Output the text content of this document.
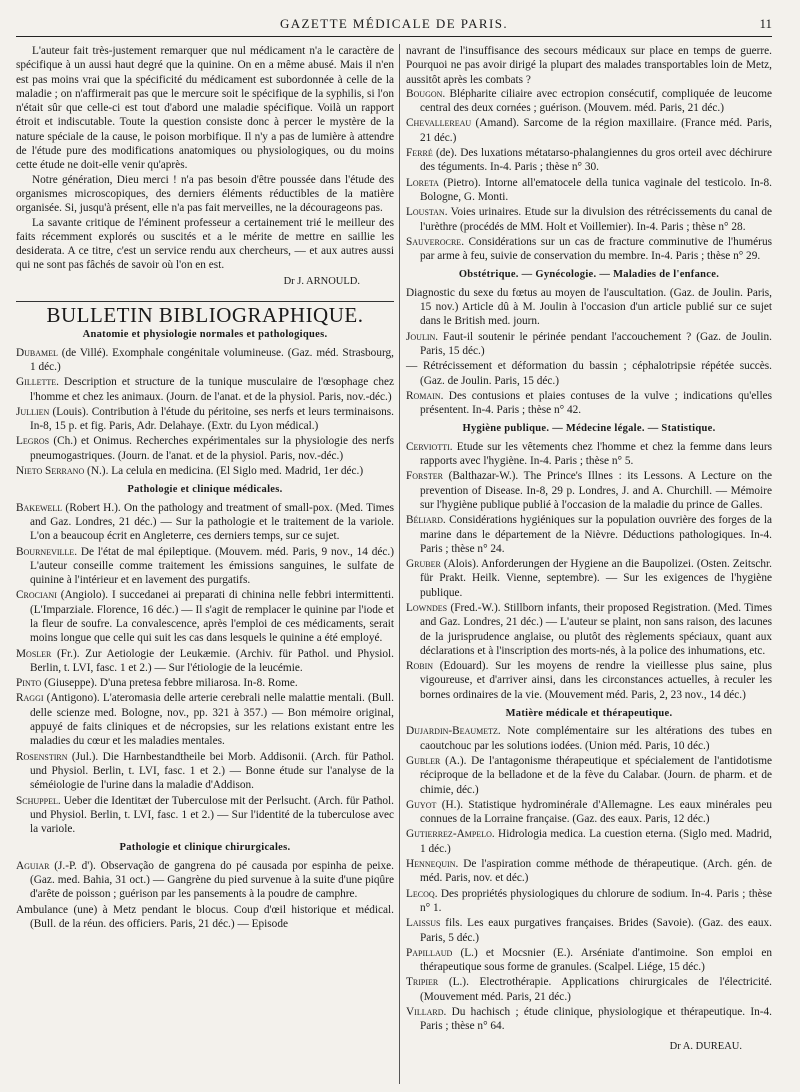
GAZETTE MÉDICALE DE PARIS.	11

L'auteur fait très-justement remarquer que nul médicament n'a le caractère de spécifique à un aussi haut degré que la quinine. On en a même abusé. Mais il n'en est pas moins vrai que la spécificité du médicament est subordonnée à celle de la maladie ; on n'affirmerait pas que le mercure soit le spécifique de la syphilis, si l'on n'était sûr que celle-ci est tout d'abord une maladie spécifique. Voilà un rapport étroit et indiscutable. Toute la question consiste donc à percer le mystère de la nature spéciale de la cause, le poison morbifique. Il n'y a pas de lumière à attendre de l'étude pure des modifications anatomiques ou physiologiques, ou du moins cette étude ne doit-elle venir qu'après.

Notre génération, Dieu merci ! n'a pas besoin d'être poussée dans l'étude des organismes microscopiques, des derniers éléments réductibles de la matière organisée. Si, jusqu'à présent, elle n'a pas fait merveilles, ne la décourageons pas.

La savante critique de l'éminent professeur a certainement trié le meilleur des faits récemment explorés ou suscités et a le mérite de mettre en saillie les desiderata. A ce titre, c'est un service rendu aux chercheurs, — et aux autres aussi qui ne sont pas fâchés de savoir où l'on en est.

Dr J. ARNOULD.
BULLETIN BIBLIOGRAPHIQUE.
Anatomie et physiologie normales et pathologiques.
Dubamel (de Villé). Exomphale congénitale volumineuse. (Gaz. méd. Strasbourg, 1 déc.)
Gillette. Description et structure de la tunique musculaire de l'œsophage chez l'homme et chez les animaux. (Journ. de l'anat. et de la physiol. Paris, nov.-déc.)
Jullien (Louis). Contribution à l'étude du péritoine, ses nerfs et leurs terminaisons. In-8, 15 p. et fig. Paris, Adr. Delahaye. (Extr. du Lyon médical.)
Legros (Ch.) et Onimus. Recherches expérimentales sur la physiologie des nerfs pneumogastriques. (Journ. de l'anat. et de la physiol. Paris, nov.-déc.)
Nieto Serrano (N.). La celula en medicina. (El Siglo med. Madrid, 1er déc.)
Pathologie et clinique médicales.
Bakewell (Robert H.). On the pathology and treatment of small-pox. (Med. Times and Gaz. Londres, 21 déc.) — Sur la pathologie et le traitement de la variole. L'on a beaucoup écrit en Angleterre, ces derniers temps, sur ce sujet.
Bourneville. De l'état de mal épileptique. (Mouvem. méd. Paris, 9 nov., 14 déc.) L'auteur conseille comme traitement les émissions sanguines, le sulfate de quinine à l'intérieur et en lavement des purgatifs.
Crociani (Angiolo). I succedanei ai preparati di chinina nelle febbri intermittenti. (L'Imparziale. Florence, 16 déc.) — Il s'agit de remplacer le quinine par l'iode et la fleur de soufre. La convalescence, après l'emploi de ces médicaments, serait moins longue que celle qui suit les cas dans lesquels le quinine a été employé.
Mosler (Fr.). Zur Aetiologie der Leukæmie. (Archiv. für Pathol. und Physiol. Berlin, t. LVI, fasc. 1 et 2.) — Sur l'étiologie de la leucémie.
Pinto (Giuseppe). D'una pretesa febbre miliarosa. In-8. Rome.
Raggi (Antigono). L'ateromasia delle arterie cerebrali nelle malattie mentali. (Bull. delle scienze med. Bologne, nov., pp. 321 à 357.) — Bon mémoire original, appuyé de faits cliniques et de nécropsies, sur les relations existant entre les maladies du cœur et les maladies mentales.
Rosenstirn (Jul.). Die Harnbestandtheile bei Morb. Addisonii. (Arch. für Pathol. und Physiol. Berlin, t. LVI, fasc. 1 et 2.) — Bonne étude sur l'analyse de la séméiologie de l'urine dans la maladie d'Addison.
Schuppel. Ueber die Identitæt der Tuberculose mit der Perlsucht. (Arch. für Pathol. und Physiol. Berlin, t. LVI, fasc. 1 et 2.) — Sur l'identité de la tuberculose avec la variole.
Pathologie et clinique chirurgicales.
Aguiar (J.-P. d'). Observação de gangrena do pé causada por espinha de peixe. (Gaz. med. Bahia, 31 oct.) — Gangrène du pied survenue à la suite d'une piqûre d'arête de poisson ; guérison par les pansements à la poudre de camphre.
Ambulance (une) à Metz pendant le blocus. Coup d'œil historique et médical. (Bull. de la réun. des officiers. Paris, 21 déc.) — Episode

navrant de l'insuffisance des secours médicaux sur place en temps de guerre. Pourquoi ne pas avoir dirigé la plupart des malades transportables loin de Metz, aussitôt après les combats ?

Bougon. Blépharite ciliaire avec ectropion consécutif, compliquée de leucome central des deux cornées ; guérison. (Mouvem. méd. Paris, 21 déc.)
Chevallereau (Amand). Sarcome de la région maxillaire. (France méd. Paris, 21 déc.)
Ferré (de). Des luxations métatarso-phalangiennes du gros orteil avec déchirure des téguments. In-4. Paris ; thèse n° 30.
Loreta (Pietro). Intorne all'ematocele della tunica vaginale del testicolo. In-8. Bologne, G. Monti.
Loustan. Voies urinaires. Etude sur la divulsion des rétrécissements du canal de l'urèthre (procédés de MM. Holt et Voillemier). In-4. Paris ; thèse n° 28.
Sauverocre. Considérations sur un cas de fracture comminutive de l'humérus par arme à feu, suivie de conservation du membre. In-4. Paris ; thèse n° 29.
Obstétrique. — Gynécologie. — Maladies de l'enfance.
Diagnostic du sexe du fœtus au moyen de l'auscultation. (Gaz. de Joulin. Paris, 15 nov.) Article dû à M. Joulin à l'occasion d'un article publié sur ce sujet dans le British med. journ.
Joulin. Faut-il soutenir le périnée pendant l'accouchement ? (Gaz. de Joulin. Paris, 15 déc.)
— Rétrécissement et déformation du bassin ; céphalotripsie répétée succès. (Gaz. de Joulin. Paris, 15 déc.)
Romain. Des contusions et plaies contuses de la vulve ; indications qu'elles présentent. In-4. Paris ; thèse n° 42.
Hygiène publique. — Médecine légale. — Statistique.
Cerviotti. Etude sur les vêtements chez l'homme et chez la femme dans leurs rapports avec l'hygiène. In-4. Paris ; thèse n° 5.
Forster (Balthazar-W.). The Prince's Illnes : its Lessons. A Lecture on the prevention of Disease. In-8, 29 p. Londres, J. and A. Churchill. — Mémoire sur l'hygiène publique publié à l'occasion de la maladie du prince de Galles.
Béliard. Considérations hygiéniques sur la population ouvrière des forges de la marine dans le département de la Nièvre. Déductions pathologiques. In-4. Paris ; thèse n° 24.
Gruber (Alois). Anforderungen der Hygiene an die Baupolizei. (Osten. Zeitschr. für Prakt. Heilk. Vienne, septembre). — Sur les exigences de l'hygiène publique.
Lowndes (Fred.-W.). Stillborn infants, their proposed Registration. (Med. Times and Gaz. Londres, 21 déc.) — L'auteur se plaint, non sans raison, des lacunes de la jurisprudence anglaise, ou plutôt des règlements spéciaux, quant aux déclarations et à l'inscription des morts-nés, à la police des inhumations, etc.
Robin (Edouard). Sur les moyens de rendre la vieillesse plus saine, plus vigoureuse, et d'arriver ainsi, dans les circonstances actuelles, à reculer les bornes ordinaires de la vie. (Mouvement méd. Paris, 2, 23 nov., 14 déc.)
Matière médicale et thérapeutique.
Dujardin-Beaumetz. Note complémentaire sur les altérations des tubes en caoutchouc par les solutions iodées. (Union méd. Paris, 10 déc.)
Gubler (A.). De l'antagonisme thérapeutique et spécialement de l'antidotisme réciproque de la belladone et de la fève du Calabar. (Journ. de pharm. et de chimie, déc.)
Guyot (H.). Statistique hydrominérale d'Allemagne. Les eaux minérales peu connues de la Lorraine française. (Gaz. des eaux. Paris, 12 déc.)
Gutierrez-Ampelo. Hidrologia medica. La cuestion eterna. (Siglo med. Madrid, 1 déc.)
Hennequin. De l'aspiration comme méthode de thérapeutique. (Arch. gén. de méd. Paris, nov. et déc.)
Lecoq. Des propriétés physiologiques du chlorure de sodium. In-4. Paris ; thèse n° 1.
Laissus fils. Les eaux purgatives françaises. Brides (Savoie). (Gaz. des eaux. Paris, 5 déc.)
Papillaud (L.) et Mocsnier (E.). Arséniate d'antimoine. Son emploi en thérapeutique sous forme de granules. (Scalpel. Liége, 15 déc.)
Tripier (L.). Electrothérapie. Applications chirurgicales de l'électricité. (Mouvement méd. Paris, 21 déc.)
Villard. Du hachisch ; étude clinique, physiologique et thérapeutique. In-4. Paris ; thèse n° 64.
Dr A. DUREAU.
